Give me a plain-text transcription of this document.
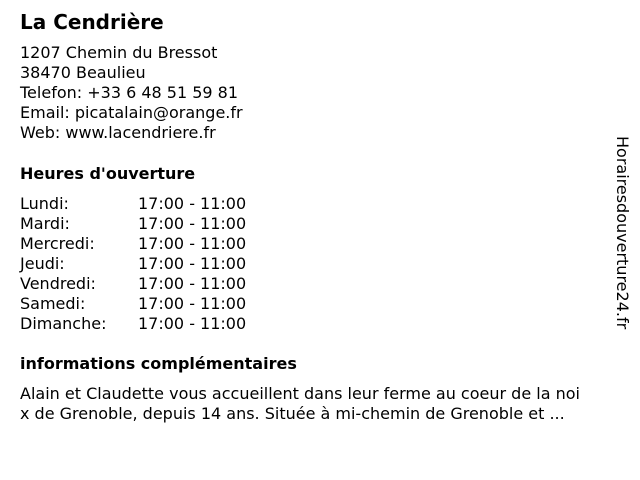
La Cendrière
1207 Chemin du Bressot
38470 Beaulieu
Telefon: +33 6 48 51 59 81
Email: picatalain@orange.fr
Web: www.lacendriere.fr
Heures d'ouverture
Lundi:	17:00 - 11:00
Mardi:	17:00 - 11:00
Mercredi:	17:00 - 11:00
Jeudi:	17:00 - 11:00
Vendredi:	17:00 - 11:00
Samedi:	17:00 - 11:00
Dimanche:	17:00 - 11:00
informations complémentaires
Alain et Claudette vous accueillent dans leur ferme au coeur de la noi
x de Grenoble, depuis 14 ans. Située à mi-chemin de Grenoble et ...
Horairesdouverture24.fr
